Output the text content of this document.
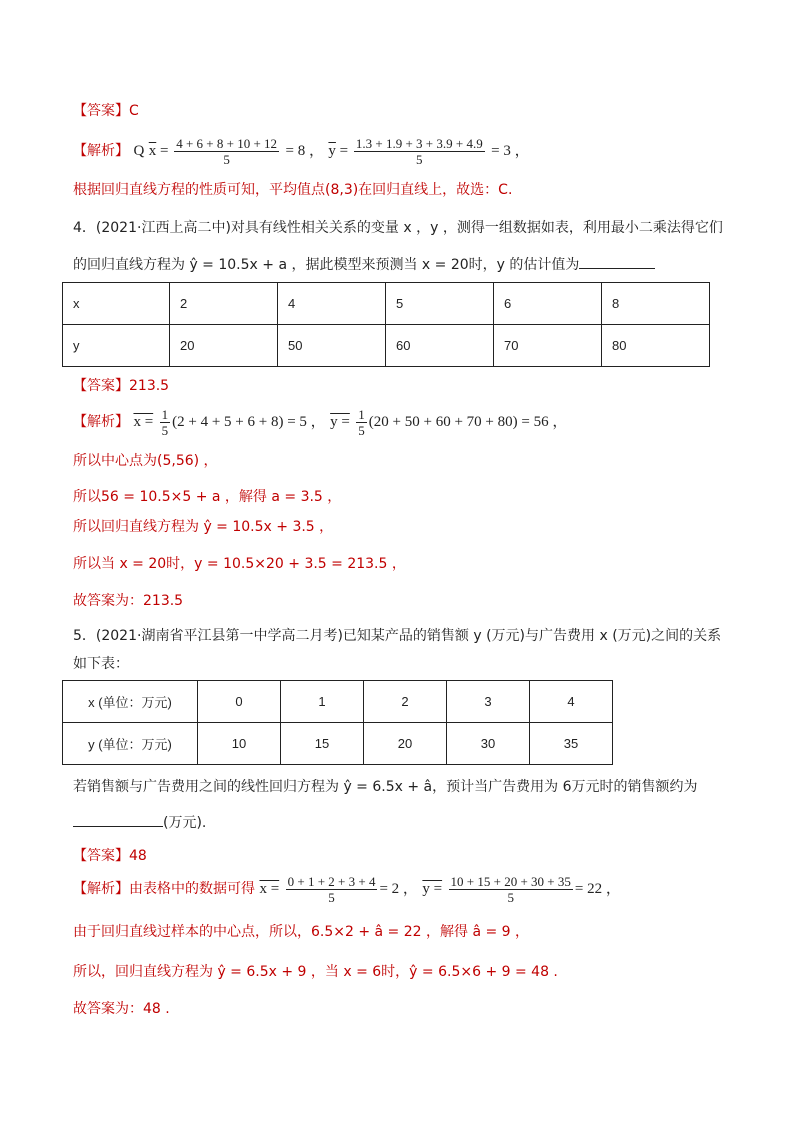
【答案】C
【解析】 Q $\overline{x} = \frac{4 + 6 + 8 + 10 + 12}{5} = 8$ ， $\overline{y} = \frac{1.3 + 1.9 + 3 + 3.9 + 4.9}{5} = 3$ ，
根据回归直线方程的性质可知，平均值点(8,3)在回归直线上，故选：C.
4．(2021·江西上高二中)对具有线性相关关系的变量 x ，y ，测得一组数据如表，利用最小二乘法得它们
的回归直线方程为 ŷ = 10.5x + a ，据此模型来预测当 x = 20时，y 的估计值为
x	2	4	5	6	8
y	20	50	60	70	80
【答案】213.5
【解析】 $x = \frac{1}{5} (2 + 4 + 5 + 6 + 8) = 5$ ， $y = \frac{1}{5} (20 + 50 + 60 + 70 + 80) = 56$ ，
所以中心点为(5,56) ，
所以56 = 10.5×5 + a ，解得 a = 3.5 ，
所以回归直线方程为 ŷ = 10.5x + 3.5 ，
所以当 x = 20时，y = 10.5×20 + 3.5 = 213.5 ，
故答案为：213.5
5．(2021·湖南省平江县第一中学高二月考)已知某产品的销售额 y (万元)与广告费用 x (万元)之间的关系
如下表：
x (单位：万元)	0	1	2	3	4
y (单位：万元)	10	15	20	30	35
若销售额与广告费用之间的线性回归方程为 ŷ = 6.5x + â，预计当广告费用为 6万元时的销售额约为
(万元).
【答案】48
【解析】由表格中的数据可得 $x = \frac{0 + 1 + 2 + 3 + 4}{5} = 2$ ， $y = \frac{10 + 15 + 20 + 30 + 35}{5} = 22$ ，
由于回归直线过样本的中心点，所以，6.5×2 + â = 22 ，解得 â = 9 ，
所以，回归直线方程为 ŷ = 6.5x + 9 ，当 x = 6时，ŷ = 6.5×6 + 9 = 48 .
故答案为：48 .
